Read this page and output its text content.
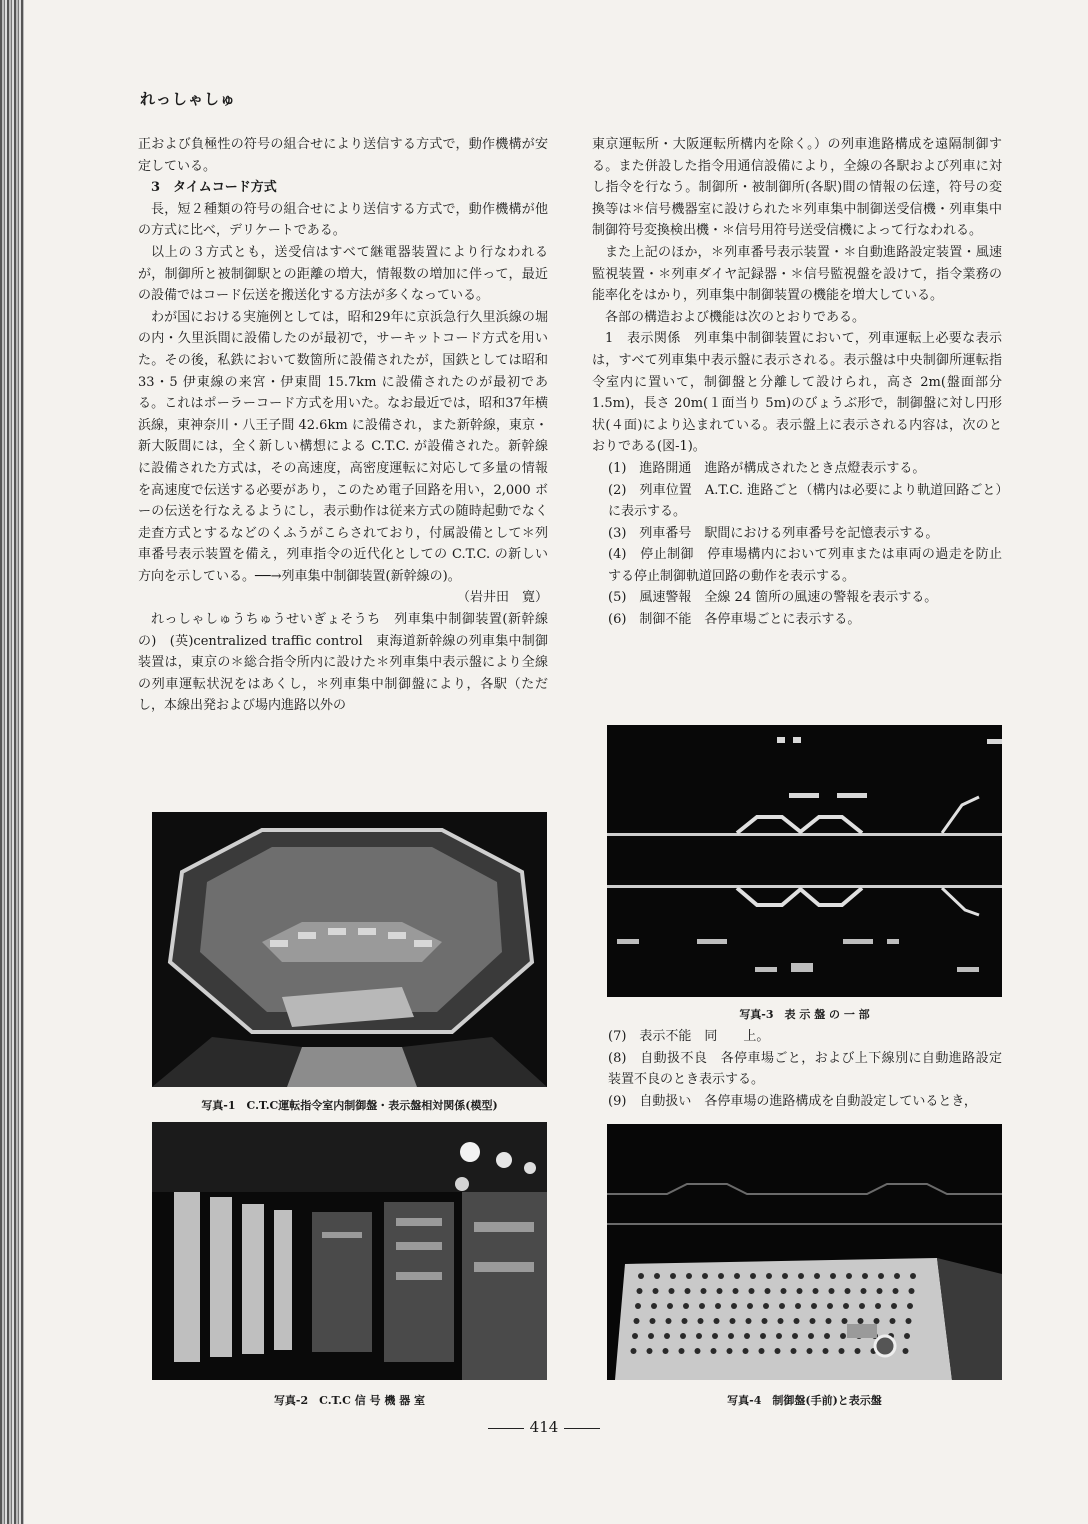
れっしゃしゅ

正および負極性の符号の組合せにより送信する方式で，動作機構が安定している。

3　タイムコード方式

長，短２種類の符号の組合せにより送信する方式で，動作機構が他の方式に比べ，デリケートである。

以上の３方式とも，送受信はすべて継電器装置により行なわれるが，制御所と被制御駅との距離の増大，情報数の増加に伴って，最近の設備ではコード伝送を搬送化する方法が多くなっている。

わが国における実施例としては，昭和29年に京浜急行久里浜線の堀の内・久里浜間に設備したのが最初で，サーキットコード方式を用いた。その後，私鉄において数箇所に設備されたが，国鉄としては昭和 33・5 伊東線の来宮・伊東間 15.7km に設備されたのが最初である。これはポーラーコード方式を用いた。なお最近では，昭和37年横浜線，東神奈川・八王子間 42.6km に設備され，また新幹線，東京・新大阪間には，全く新しい構想による C.T.C. が設備された。新幹線に設備された方式は，その高速度，高密度運転に対応して多量の情報を高速度で伝送する必要があり，このため電子回路を用い，2,000 ボーの伝送を行なえるようにし，表示動作は従来方式の随時起動でなく走査方式とするなどのくふうがこらされており，付属設備として＊列車番号表示装置を備え，列車指令の近代化としての C.T.C. の新しい方向を示している。──→列車集中制御装置(新幹線の)。

（岩井田　寛）

れっしゃしゅうちゅうせいぎょそうち　列車集中制御装置(新幹線の)　(英)centralized traffic control　東海道新幹線の列車集中制御装置は，東京の＊総合指令所内に設けた＊列車集中表示盤により全線の列車運転状況をはあくし，＊列車集中制御盤により，各駅（ただし，本線出発および場内進路以外の

東京運転所・大阪運転所構内を除く。）の列車進路構成を遠隔制御する。また併設した指令用通信設備により，全線の各駅および列車に対し指令を行なう。制御所・被制御所(各駅)間の情報の伝達，符号の変換等は＊信号機器室に設けられた＊列車集中制御送受信機・列車集中制御符号変換検出機・＊信号用符号送受信機によって行なわれる。

また上記のほか，＊列車番号表示装置・＊自動進路設定装置・風速監視装置・＊列車ダイヤ記録器・＊信号監視盤を設けて，指令業務の能率化をはかり，列車集中制御装置の機能を増大している。

各部の構造および機能は次のとおりである。

1　表示関係　列車集中制御装置において，列車運転上必要な表示は，すべて列車集中表示盤に表示される。表示盤は中央制御所運転指令室内に置いて，制御盤と分離して設けられ，高さ 2m(盤面部分 1.5m)，長さ 20m(１面当り 5m)のびょうぶ形で，制御盤に対し円形状(４面)により込まれている。表示盤上に表示される内容は，次のとおりである(図-1)。

(1)　進路開通　進路が構成されたとき点燈表示する。

(2)　列車位置　A.T.C. 進路ごと（構内は必要により軌道回路ごと）に表示する。

(3)　列車番号　駅間における列車番号を記憶表示する。

(4)　停止制御　停車場構内において列車または車両の過走を防止する停止制御軌道回路の動作を表示する。

(5)　風速警報　全線 24 箇所の風速の警報を表示する。

(6)　制御不能　各停車場ごとに表示する。

写真-1　C.T.C運転指令室内制御盤・表示盤相対関係(模型)
写真-2　C.T.C 信 号 機 器 室
写真-3　表 示 盤 の 一 部

(7)　表示不能　同　　上。

(8)　自動扱不良　各停車場ごと，および上下線別に自動進路設定装置不良のとき表示する。

(9)　自動扱い　各停車場の進路構成を自動設定しているとき，

写真-4　制御盤(手前)と表示盤
414
